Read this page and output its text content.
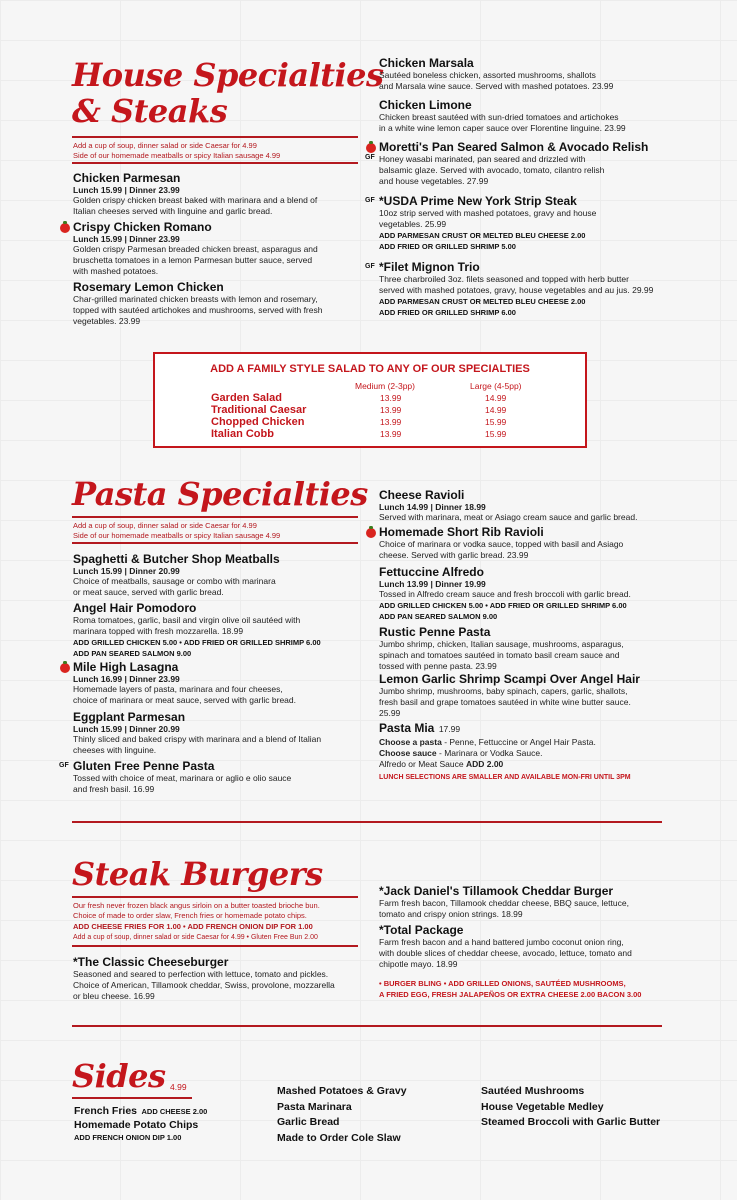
House Specialties
& Steaks
Add a cup of soup, dinner salad or side Caesar for 4.99
Side of our homemade meatballs or spicy Italian sausage 4.99
Chicken Parmesan
Lunch 15.99 | Dinner 23.99
Golden crispy chicken breast baked with marinara and a blend of
Italian cheeses served with linguine and garlic bread.
Crispy Chicken Romano
Lunch 15.99 | Dinner 23.99
Golden crispy Parmesan breaded chicken breast, asparagus and
bruschetta tomatoes in a lemon Parmesan butter sauce, served
with mashed potatoes.
Rosemary Lemon Chicken
Char-grilled marinated chicken breasts with lemon and rosemary,
topped with sautéed artichokes and mushrooms, served with fresh
vegetables. 23.99
Chicken Marsala
Sautéed boneless chicken, assorted mushrooms, shallots
and Marsala wine sauce. Served with mashed potatoes. 23.99
Chicken Limone
Chicken breast sautéed with sun-dried tomatoes and artichokes
in a white wine lemon caper sauce over Florentine linguine. 23.99
GF
Moretti's Pan Seared Salmon & Avocado Relish
Honey wasabi marinated, pan seared and drizzled with
balsamic glaze. Served with avocado, tomato, cilantro relish
and house vegetables. 27.99
GF *USDA Prime New York Strip Steak
10oz strip served with mashed potatoes, gravy and house
vegetables. 25.99
ADD PARMESAN CRUST OR MELTED BLEU CHEESE 2.00
ADD FRIED OR GRILLED SHRIMP 5.00
GF *Filet Mignon Trio
Three charbroiled 3oz. filets seasoned and topped with herb butter
served with mashed potatoes, gravy, house vegetables and au jus. 29.99
ADD PARMESAN CRUST OR MELTED BLEU CHEESE 2.00
ADD FRIED OR GRILLED SHRIMP 6.00
ADD A FAMILY STYLE SALAD TO ANY OF OUR SPECIALTIES
Medium (2-3pp)	Large (4-5pp)
Garden Salad
Traditional Caesar
Chopped Chicken
Italian Cobb
13.99
13.99
13.99
13.99
14.99
14.99
15.99
15.99
Pasta Specialties
Add a cup of soup, dinner salad or side Caesar for 4.99
Side of our homemade meatballs or spicy Italian sausage 4.99
Spaghetti & Butcher Shop Meatballs
Lunch 15.99 | Dinner 20.99
Choice of meatballs, sausage or combo with marinara
or meat sauce, served with garlic bread.
Angel Hair Pomodoro
Roma tomatoes, garlic, basil and virgin olive oil sautéed with
marinara topped with fresh mozzarella. 18.99
ADD GRILLED CHICKEN 5.00 • ADD FRIED OR GRILLED SHRIMP 6.00
ADD PAN SEARED SALMON 9.00
Mile High Lasagna
Lunch 16.99 | Dinner 23.99
Homemade layers of pasta, marinara and four cheeses,
choice of marinara or meat sauce, served with garlic bread.
Eggplant Parmesan
Lunch 15.99 | Dinner 20.99
Thinly sliced and baked crispy with marinara and a blend of Italian
cheeses with linguine.
GF Gluten Free Penne Pasta
Tossed with choice of meat, marinara or aglio e olio sauce
and fresh basil. 16.99
Cheese Ravioli
Lunch 14.99 | Dinner 18.99
Served with marinara, meat or Asiago cream sauce and garlic bread.
Homemade Short Rib Ravioli
Choice of marinara or vodka sauce, topped with basil and Asiago
cheese. Served with garlic bread. 23.99
Fettuccine Alfredo
Lunch 13.99 | Dinner 19.99
Tossed in Alfredo cream sauce and fresh broccoli with garlic bread.
ADD GRILLED CHICKEN 5.00 • ADD FRIED OR GRILLED SHRIMP 6.00
ADD PAN SEARED SALMON 9.00
Rustic Penne Pasta
Jumbo shrimp, chicken, Italian sausage, mushrooms, asparagus,
spinach and tomatoes sautéed in tomato basil cream sauce and
tossed with penne pasta. 23.99
Lemon Garlic Shrimp Scampi Over Angel Hair
Jumbo shrimp, mushrooms, baby spinach, capers, garlic, shallots,
fresh basil and grape tomatoes sautéed in white wine butter sauce.
25.99
Pasta Mia 17.99
Choose a pasta - Penne, Fettuccine or Angel Hair Pasta.
Choose sauce - Marinara or Vodka Sauce.
Alfredo or Meat Sauce ADD 2.00
LUNCH SELECTIONS ARE SMALLER AND AVAILABLE MON-FRI UNTIL 3PM
Steak Burgers
Our fresh never frozen black angus sirloin on a butter toasted brioche bun.
Choice of made to order slaw, French fries or homemade potato chips.
ADD CHEESE FRIES FOR 1.00 • ADD FRENCH ONION DIP FOR 1.00
Add a cup of soup, dinner salad or side Caesar for 4.99 • Gluten Free Bun 2.00
*The Classic Cheeseburger
Seasoned and seared to perfection with lettuce, tomato and pickles.
Choice of American, Tillamook cheddar, Swiss, provolone, mozzarella
or bleu cheese. 16.99
*Jack Daniel's Tillamook Cheddar Burger
Farm fresh bacon, Tillamook cheddar cheese, BBQ sauce, lettuce,
tomato and crispy onion strings. 18.99
*Total Package
Farm fresh bacon and a hand battered jumbo coconut onion ring,
with double slices of cheddar cheese, avocado, lettuce, tomato and
chipotle mayo. 18.99
• BURGER BLING • ADD GRILLED ONIONS, SAUTÉED MUSHROOMS,
A FRIED EGG, FRESH JALAPEÑOS OR EXTRA CHEESE 2.00 BACON 3.00
Sides 4.99
French Fries ADD CHEESE 2.00
Homemade Potato Chips
ADD FRENCH ONION DIP 1.00
Mashed Potatoes & Gravy
Pasta Marinara
Garlic Bread
Made to Order Cole Slaw
Sautéed Mushrooms
House Vegetable Medley
Steamed Broccoli with Garlic Butter
